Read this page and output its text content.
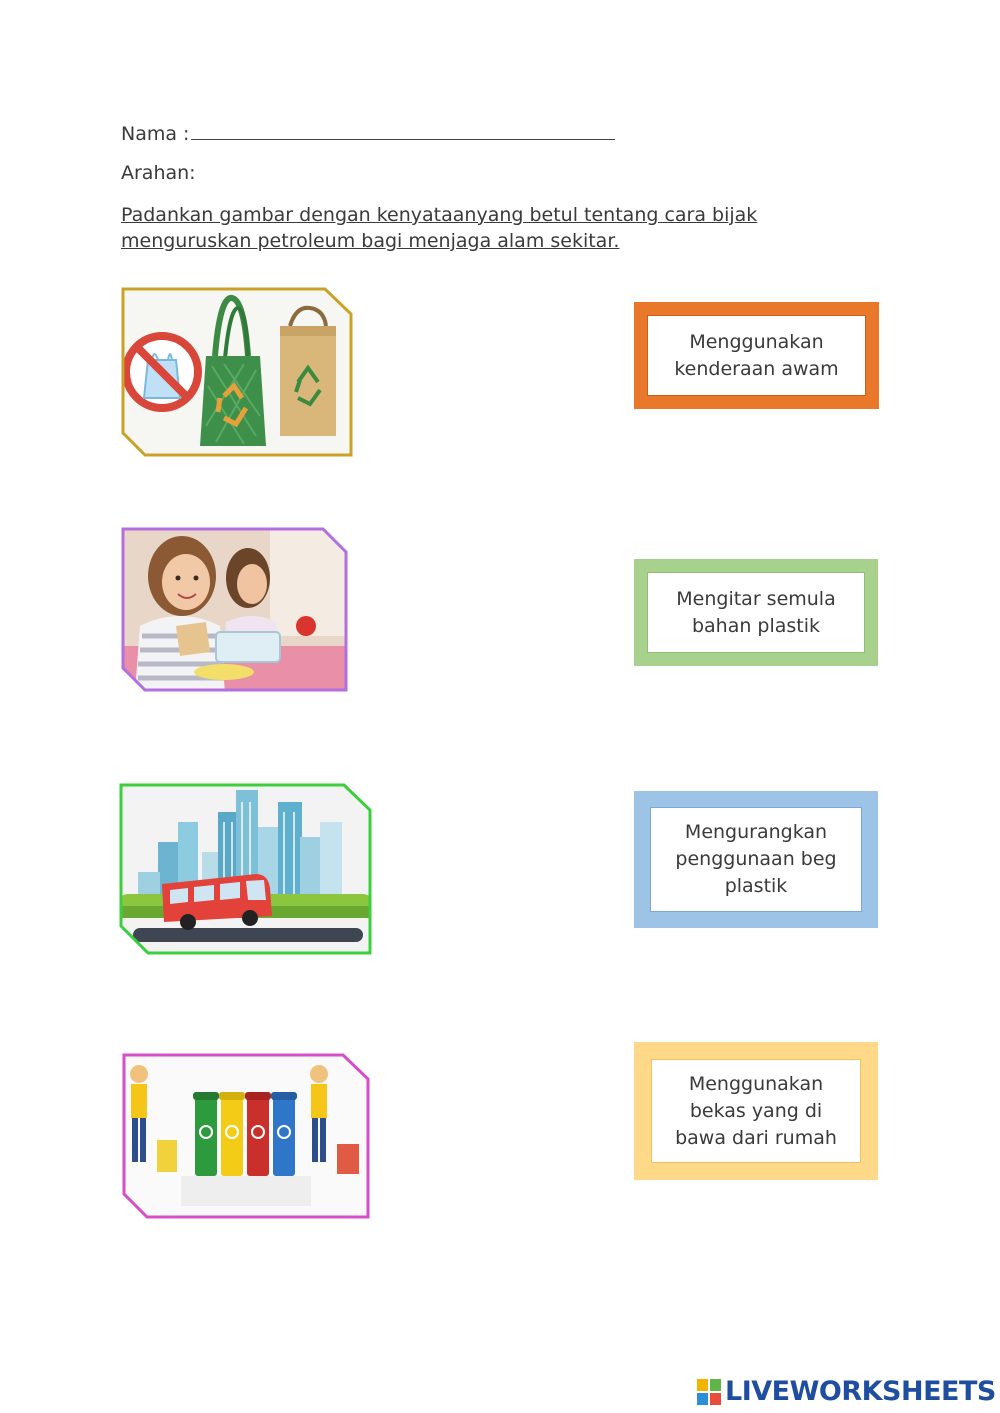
Nama :
Arahan:
Padankan gambar dengan kenyataanyang betul tentang cara bijak menguruskan petroleum bagi menjaga alam sekitar.
Menggunakan
kenderaan awam
Mengitar semula
bahan plastik
Mengurangkan
penggunaan beg
plastik
Menggunakan
bekas yang di
bawa dari rumah
LIVEWORKSHEETS
